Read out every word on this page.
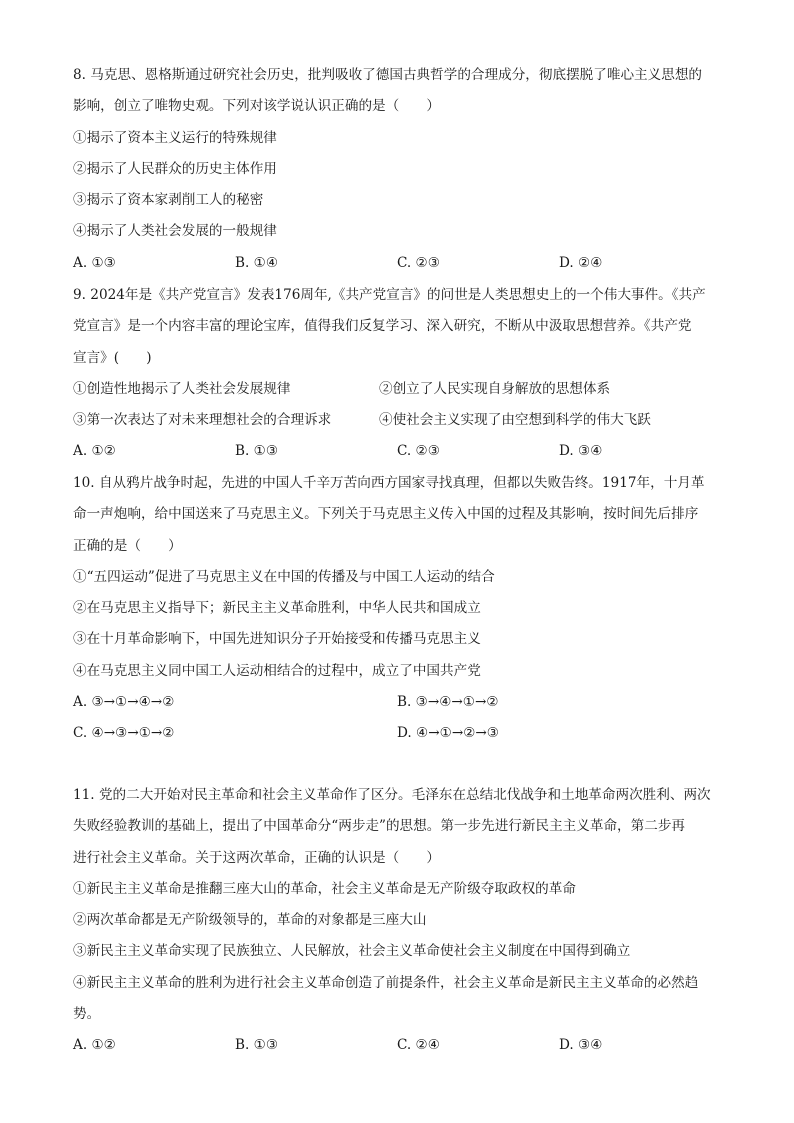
8. 马克思、恩格斯通过研究社会历史，批判吸收了德国古典哲学的合理成分，彻底摆脱了唯心主义思想的
影响，创立了唯物史观。下列对该学说认识正确的是（　　）
①揭示了资本主义运行的特殊规律
②揭示了人民群众的历史主体作用
③揭示了资本家剥削工人的秘密
④揭示了人类社会发展的一般规律
A. ①③	B. ①④	C. ②③	D. ②④
9. 2024年是《共产党宣言》发表176周年,《共产党宣言》的问世是人类思想史上的一个伟大事件。《共产
党宣言》是一个内容丰富的理论宝库，值得我们反复学习、深入研究，不断从中汲取思想营养。《共产党
宣言》(　　)
①创造性地揭示了人类社会发展规律	②创立了人民实现自身解放的思想体系
③第一次表达了对未来理想社会的合理诉求	④使社会主义实现了由空想到科学的伟大飞跃
A. ①②	B. ①③	C. ②③	D. ③④
10. 自从鸦片战争时起，先进的中国人千辛万苦向西方国家寻找真理，但都以失败告终。1917年，十月革
命一声炮响，给中国送来了马克思主义。下列关于马克思主义传入中国的过程及其影响，按时间先后排序
正确的是（　　）
①“五四运动”促进了马克思主义在中国的传播及与中国工人运动的结合
②在马克思主义指导下；新民主主义革命胜利，中华人民共和国成立
③在十月革命影响下，中国先进知识分子开始接受和传播马克思主义
④在马克思主义同中国工人运动相结合的过程中，成立了中国共产党
A. ③→①→④→②	B. ③→④→①→②
C. ④→③→①→②	D. ④→①→②→③
11. 党的二大开始对民主革命和社会主义革命作了区分。毛泽东在总结北伐战争和土地革命两次胜利、两次
失败经验教训的基础上，提出了中国革命分“两步走”的思想。第一步先进行新民主主义革命，第二步再
进行社会主义革命。关于这两次革命，正确的认识是（　　）
①新民主主义革命是推翻三座大山的革命，社会主义革命是无产阶级夺取政权的革命
②两次革命都是无产阶级领导的，革命的对象都是三座大山
③新民主主义革命实现了民族独立、人民解放，社会主义革命使社会主义制度在中国得到确立
④新民主主义革命的胜利为进行社会主义革命创造了前提条件，社会主义革命是新民主主义革命的必然趋
势。
A. ①②	B. ①③	C. ②④	D. ③④
